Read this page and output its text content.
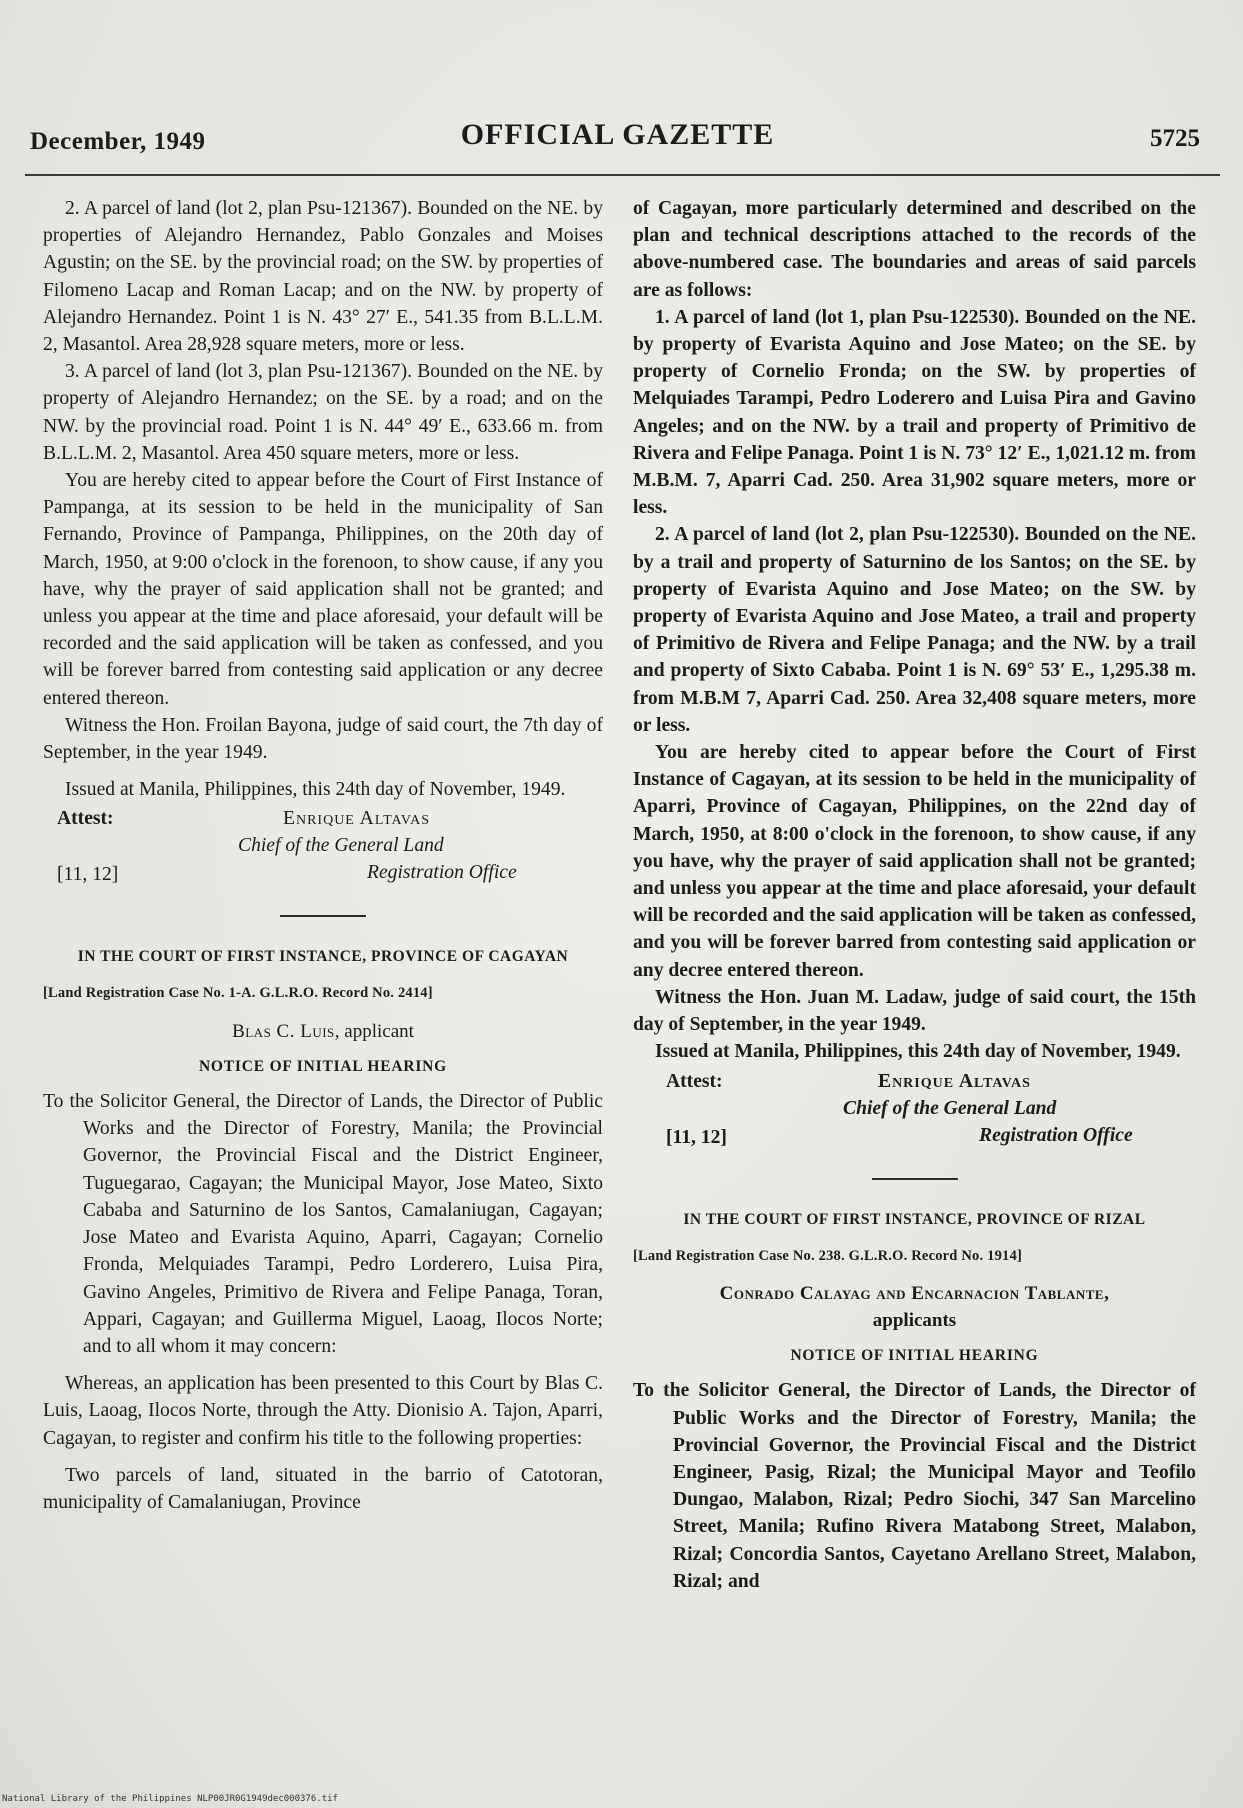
December, 1949	OFFICIAL GAZETTE	5725

2. A parcel of land (lot 2, plan Psu-121367). Bounded on the NE. by properties of Alejandro Hernandez, Pablo Gonzales and Moises Agustin; on the SE. by the provincial road; on the SW. by properties of Filomeno Lacap and Roman Lacap; and on the NW. by property of Alejandro Hernandez. Point 1 is N. 43° 27′ E., 541.35 from B.L.L.M. 2, Masantol. Area 28,928 square meters, more or less.

3. A parcel of land (lot 3, plan Psu-121367). Bounded on the NE. by property of Alejandro Hernandez; on the SE. by a road; and on the NW. by the provincial road. Point 1 is N. 44° 49′ E., 633.66 m. from B.L.L.M. 2, Masantol. Area 450 square meters, more or less.

You are hereby cited to appear before the Court of First Instance of Pampanga, at its session to be held in the municipality of San Fernando, Province of Pampanga, Philippines, on the 20th day of March, 1950, at 9:00 o'clock in the forenoon, to show cause, if any you have, why the prayer of said application shall not be granted; and unless you appear at the time and place aforesaid, your default will be recorded and the said application will be taken as confessed, and you will be forever barred from contesting said application or any decree entered thereon.

Witness the Hon. Froilan Bayona, judge of said court, the 7th day of September, in the year 1949.

Issued at Manila, Philippines, this 24th day of November, 1949.

Attest:	Enrique Altavas
Chief of the General Land
[11, 12]	Registration Office
IN THE COURT OF FIRST INSTANCE, PROVINCE OF CAGAYAN
[Land Registration Case No. 1-A. G.L.R.O. Record No. 2414]
Blas C. Luis, applicant
NOTICE OF INITIAL HEARING
To the Solicitor General, the Director of Lands, the Director of Public Works and the Director of Forestry, Manila; the Provincial Governor, the Provincial Fiscal and the District Engineer, Tuguegarao, Cagayan; the Municipal Mayor, Jose Mateo, Sixto Cababa and Saturnino de los Santos, Camalaniugan, Cagayan; Jose Mateo and Evarista Aquino, Aparri, Cagayan; Cornelio Fronda, Melquiades Tarampi, Pedro Lorderero, Luisa Pira, Gavino Angeles, Primitivo de Rivera and Felipe Panaga, Toran, Appari, Cagayan; and Guillerma Miguel, Laoag, Ilocos Norte; and to all whom it may concern:

Whereas, an application has been presented to this Court by Blas C. Luis, Laoag, Ilocos Norte, through the Atty. Dionisio A. Tajon, Aparri, Cagayan, to register and confirm his title to the following properties:

Two parcels of land, situated in the barrio of Catotoran, municipality of Camalaniugan, Province

of Cagayan, more particularly determined and described on the plan and technical descriptions attached to the records of the above-numbered case. The boundaries and areas of said parcels are as follows:

1. A parcel of land (lot 1, plan Psu-122530). Bounded on the NE. by property of Evarista Aquino and Jose Mateo; on the SE. by property of Cornelio Fronda; on the SW. by properties of Melquiades Tarampi, Pedro Loderero and Luisa Pira and Gavino Angeles; and on the NW. by a trail and property of Primitivo de Rivera and Felipe Panaga. Point 1 is N. 73° 12′ E., 1,021.12 m. from M.B.M. 7, Aparri Cad. 250. Area 31,902 square meters, more or less.

2. A parcel of land (lot 2, plan Psu-122530). Bounded on the NE. by a trail and property of Saturnino de los Santos; on the SE. by property of Evarista Aquino and Jose Mateo; on the SW. by property of Evarista Aquino and Jose Mateo, a trail and property of Primitivo de Rivera and Felipe Panaga; and the NW. by a trail and property of Sixto Cababa. Point 1 is N. 69° 53′ E., 1,295.38 m. from M.B.M 7, Aparri Cad. 250. Area 32,408 square meters, more or less.

You are hereby cited to appear before the Court of First Instance of Cagayan, at its session to be held in the municipality of Aparri, Province of Cagayan, Philippines, on the 22nd day of March, 1950, at 8:00 o'clock in the forenoon, to show cause, if any you have, why the prayer of said application shall not be granted; and unless you appear at the time and place aforesaid, your default will be recorded and the said application will be taken as confessed, and you will be forever barred from contesting said application or any decree entered thereon.

Witness the Hon. Juan M. Ladaw, judge of said court, the 15th day of September, in the year 1949.

Issued at Manila, Philippines, this 24th day of November, 1949.

Attest:	Enrique Altavas
Chief of the General Land
[11, 12]	Registration Office
IN THE COURT OF FIRST INSTANCE, PROVINCE OF RIZAL
[Land Registration Case No. 238. G.L.R.O. Record No. 1914]
Conrado Calayag and Encarnacion Tablante,
applicants
NOTICE OF INITIAL HEARING
To the Solicitor General, the Director of Lands, the Director of Public Works and the Director of Forestry, Manila; the Provincial Governor, the Provincial Fiscal and the District Engineer, Pasig, Rizal; the Municipal Mayor and Teofilo Dungao, Malabon, Rizal; Pedro Siochi, 347 San Marcelino Street, Manila; Rufino Rivera Matabong Street, Malabon, Rizal; Concordia Santos, Cayetano Arellano Street, Malabon, Rizal; and
National Library of the Philippines NLP00JR0G1949dec000376.tif
